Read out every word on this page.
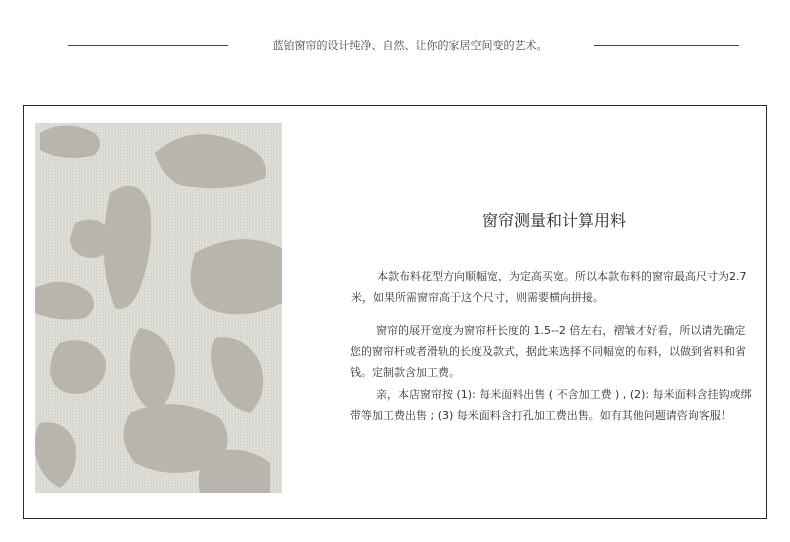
蓝铂窗帘的设计纯净、自然、让你的家居空间变的艺术。
窗帘测量和计算用料

本款布料花型方向顺幅宽，为定高买宽。所以本款布料的窗帘最高尺寸为2.7米，如果所需窗帘高于这个尺寸，则需要横向拼接。

窗帘的展开宽度为窗帘杆长度的 1.5--2 倍左右，褶皱才好看，所以请先确定您的窗帘杆或者滑轨的长度及款式，据此来选择不同幅宽的布料，以做到省料和省钱。定制款含加工费。

亲，本店窗帘按 (1): 每米面料出售 ( 不含加工费 ) , (2): 每米面料含挂钩或绑带等加工费出售 ; (3) 每米面料含打孔加工费出售。如有其他问题请咨询客服！
